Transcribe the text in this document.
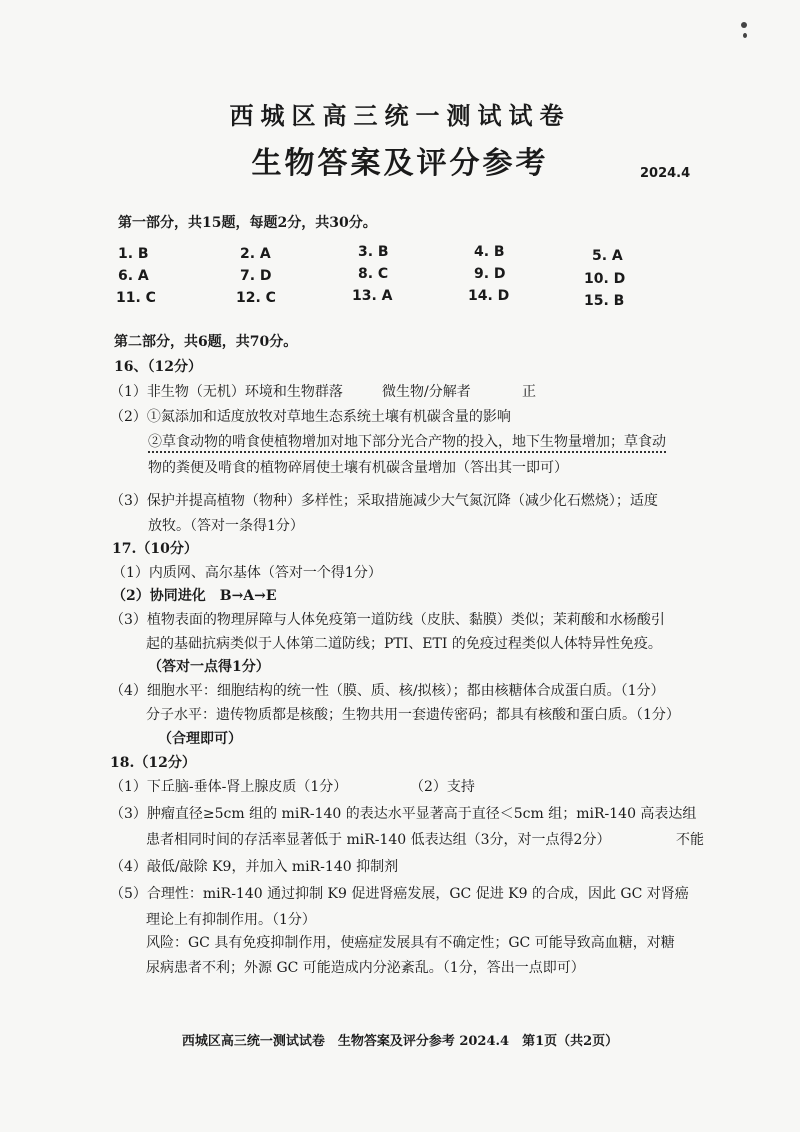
西城区高三统一测试试卷
生物答案及评分参考	2024.4
第一部分，共15题，每题2分，共30分。
1. B	2. A	3. B	4. B	5. A
6. A	7. D	8. C	9. D	10. D
11. C	12. C	13. A	14. D	15. B
第二部分，共6题，共70分。
16、（12分）
（1）非生物（无机）环境和生物群落	微生物/分解者	正
（2）①氮添加和适度放牧对草地生态系统土壤有机碳含量的影响
②草食动物的啃食使植物增加对地下部分光合产物的投入，地下生物量增加；草食动
物的粪便及啃食的植物碎屑使土壤有机碳含量增加（答出其一即可）
（3）保护并提高植物（物种）多样性；采取措施减少大气氮沉降（减少化石燃烧）；适度
放牧。（答对一条得1分）
17.（10分）
（1）内质网、高尔基体（答对一个得1分）
（2）协同进化　B→A→E
（3）植物表面的物理屏障与人体免疫第一道防线（皮肤、黏膜）类似；茉莉酸和水杨酸引
起的基础抗病类似于人体第二道防线；PTI、ETI 的免疫过程类似人体特异性免疫。
（答对一点得1分）
（4）细胞水平：细胞结构的统一性（膜、质、核/拟核）；都由核糖体合成蛋白质。（1分）
分子水平：遗传物质都是核酸；生物共用一套遗传密码；都具有核酸和蛋白质。（1分）
（合理即可）
18.（12分）
（1）下丘脑-垂体-肾上腺皮质（1分）	（2）支持
（3）肿瘤直径≥5cm 组的 miR-140 的表达水平显著高于直径＜5cm 组；miR-140 高表达组
患者相同时间的存活率显著低于 miR-140 低表达组（3分，对一点得2分）	不能
（4）敲低/敲除 K9，并加入 miR-140 抑制剂
（5）合理性：miR-140 通过抑制 K9 促进肾癌发展，GC 促进 K9 的合成，因此 GC 对肾癌
理论上有抑制作用。（1分）
风险：GC 具有免疫抑制作用，使癌症发展具有不确定性；GC 可能导致高血糖，对糖
尿病患者不利；外源 GC 可能造成内分泌紊乱。（1分，答出一点即可）
西城区高三统一测试试卷　生物答案及评分参考 2024.4　第1页（共2页）
